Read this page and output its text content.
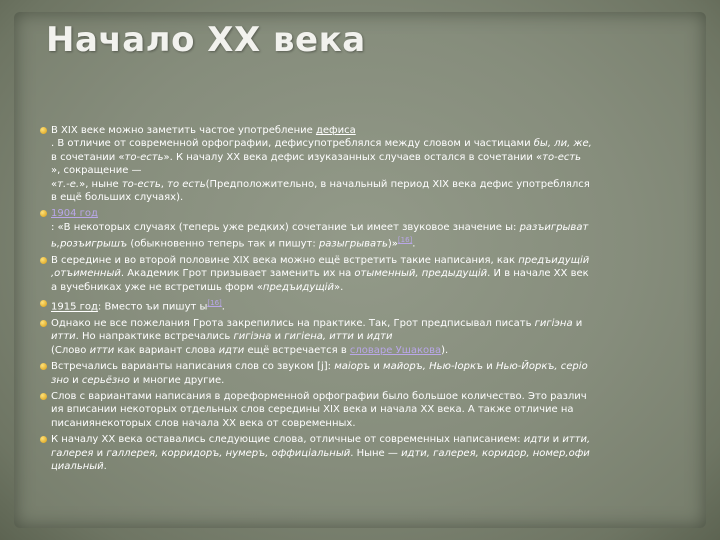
Начало XX века
В XIX веке можно заметить частое употребление дефиса
. В отличие от современной орфографии, дефисупотреблялся между словом и частицами бы, ли, же,
в сочетании «то-есть». К началу XX века дефис изуказанных случаев остался в сочетании «то-есть
», сокращение —
«т.-е.», ныне то-есть, то есть(Предположительно, в начальный период XIX века дефис употреблялся
в ещё больших случаях).
1904 год
: «В некоторых случаях (теперь уже редких) сочетание ъи имеет звуковое значение ы: разъигрыват
ь,розъигрышъ (обыкновенно теперь так и пишут: разыгрывать)»[16].
В середине и во второй половине XIX века можно ещё встретить такие написания, как предъидущій
,отъименный. Академик Грот призывает заменить их на отыменный, предыдущій. И в начале XX век
а вучебниках уже не встретишь форм «предъидущій».
1915 год: Вместо ъи пишут ы[16].
Однако не все пожелания Грота закрепились на практике. Так, Грот предписывал писать гигіэна и
итти. Но напрактике встречались гигіэна и гигіена, итти и идти
(Слово итти как вариант слова идти ещё встречается в словаре Ушакова).
Встречались варианты написания слов со звуком [j]: маіоръ и майоръ, Нью-Іоркъ и Нью-Йоркъ, серіо
зно и серьёзно и многие другие.
Слов с вариантами написания в дореформенной орфографии было большое количество. Это различ
ия вписании некоторых отдельных слов середины XIX века и начала XX века. А также отличие на
писаниянекоторых слов начала XX века от современных.
К началу XX века оставались следующие слова, отличные от современных написанием: идти и итти,
галерея и галлерея, корридоръ, нумеръ, оффиціальный. Ныне — идти, галерея, коридор, номер,офи
циальный.
